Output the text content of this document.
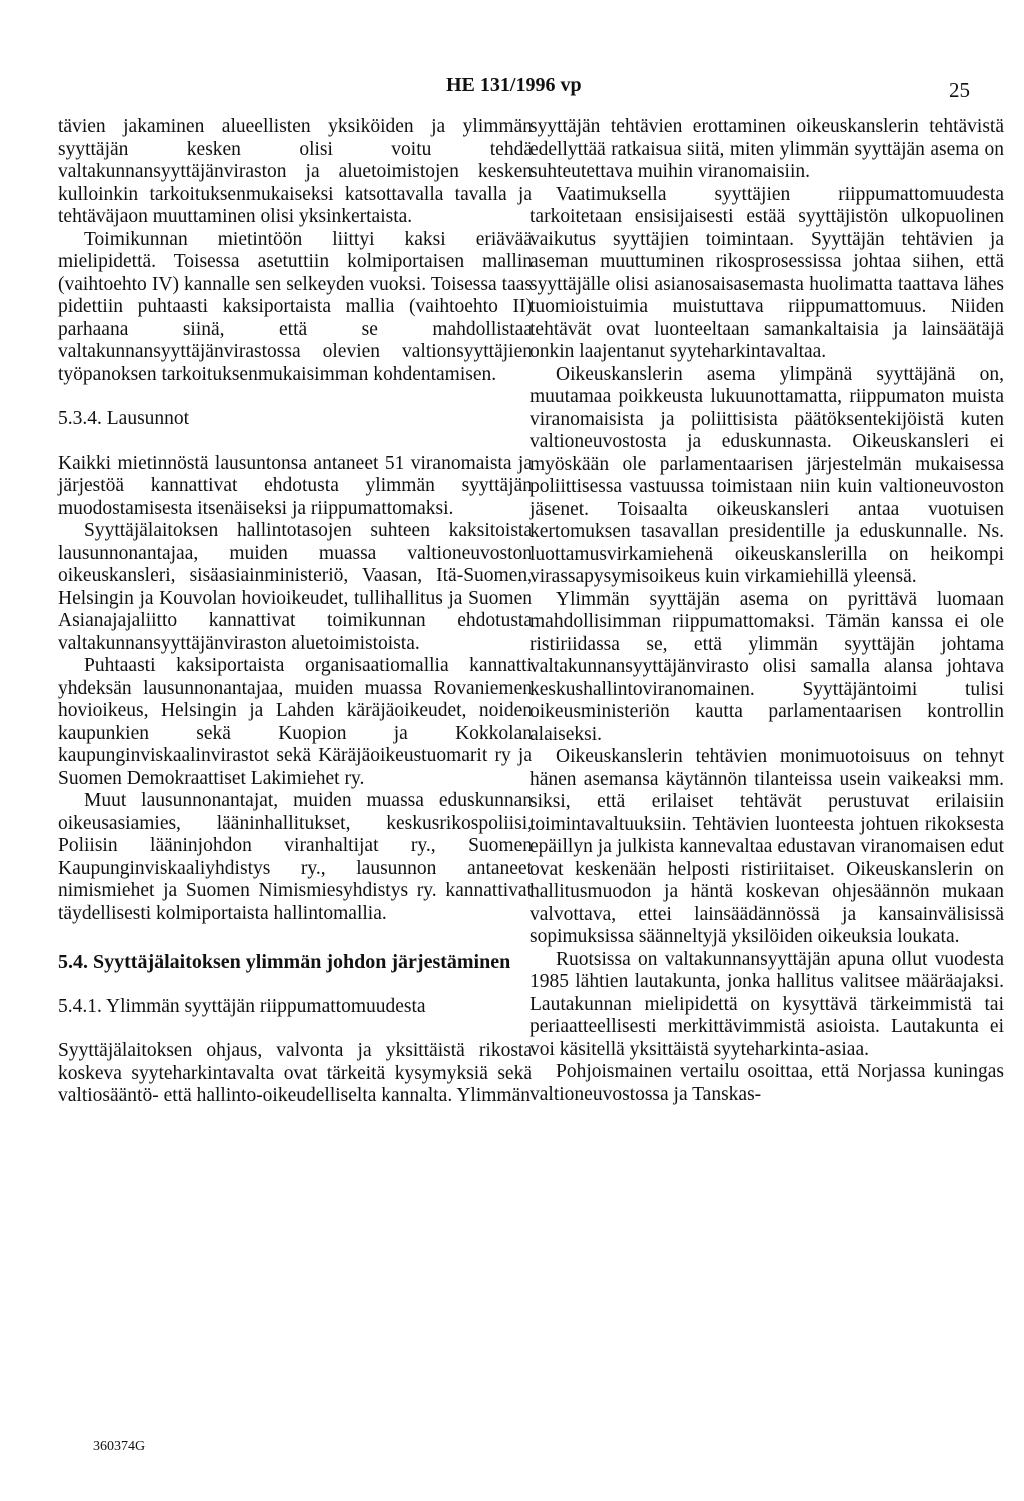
HE 131/1996 vp	25

tävien jakaminen alueellisten yksiköiden ja ylimmän syyttäjän kesken olisi voitu tehdä valtakunnansyyttäjänviraston ja aluetoimistojen kesken kulloinkin tarkoituksenmukaiseksi katsottavalla tavalla ja tehtäväjaon muuttaminen olisi yksinkertaista.

Toimikunnan mietintöön liittyi kaksi eriävää mielipidettä. Toisessa asetuttiin kolmiportaisen mallin (vaihtoehto IV) kannalle sen selkeyden vuoksi. Toisessa taas pidettiin puhtaasti kaksiportaista mallia (vaihtoehto II) parhaana siinä, että se mahdollistaa valtakunnansyyttäjänvirastossa olevien valtionsyyttäjien työpanoksen tarkoituksenmukaisimman kohdentamisen.

5.3.4. Lausunnot

Kaikki mietinnöstä lausuntonsa antaneet 51 viranomaista ja järjestöä kannattivat ehdotusta ylimmän syyttäjän muodostamisesta itsenäiseksi ja riippumattomaksi.

Syyttäjälaitoksen hallintotasojen suhteen kaksitoista lausunnonantajaa, muiden muassa valtioneuvoston oikeuskansleri, sisäasiainministeriö, Vaasan, Itä-Suomen, Helsingin ja Kouvolan hovioikeudet, tullihallitus ja Suomen Asianajajaliitto kannattivat toimikunnan ehdotusta valtakunnansyyttäjänviraston aluetoimistoista.

Puhtaasti kaksiportaista organisaatiomallia kannatti yhdeksän lausunnonantajaa, muiden muassa Rovaniemen hovioikeus, Helsingin ja Lahden käräjäoikeudet, noiden kaupunkien sekä Kuopion ja Kokkolan kaupunginviskaalinvirastot sekä Käräjäoikeustuomarit ry ja Suomen Demokraattiset Lakimiehet ry.

Muut lausunnonantajat, muiden muassa eduskunnan oikeusasiamies, lääninhallitukset, keskusrikospoliisi, Poliisin lääninjohdon viranhaltijat ry., Suomen Kaupunginviskaaliyhdistys ry., lausunnon antaneet nimismiehet ja Suomen Nimismiesyhdistys ry. kannattivat täydellisesti kolmiportaista hallintomallia.

5.4. Syyttäjälaitoksen ylimmän johdon järjestäminen

5.4.1. Ylimmän syyttäjän riippumattomuudesta

Syyttäjälaitoksen ohjaus, valvonta ja yksittäistä rikosta koskeva syyteharkintavalta ovat tärkeitä kysymyksiä sekä valtiosääntö- että hallinto-oikeudelliselta kannalta. Ylimmän

syyttäjän tehtävien erottaminen oikeuskanslerin tehtävistä edellyttää ratkaisua siitä, miten ylimmän syyttäjän asema on suhteutettava muihin viranomaisiin.

Vaatimuksella syyttäjien riippumattomuudesta tarkoitetaan ensisijaisesti estää syyttäjistön ulkopuolinen vaikutus syyttäjien toimintaan. Syyttäjän tehtävien ja aseman muuttuminen rikosprosessissa johtaa siihen, että syyttäjälle olisi asianosaisasemasta huolimatta taattava lähes tuomioistuimia muistuttava riippumattomuus. Niiden tehtävät ovat luonteeltaan samankaltaisia ja lainsäätäjä onkin laajentanut syyteharkintavaltaa.

Oikeuskanslerin asema ylimpänä syyttäjänä on, muutamaa poikkeusta lukuunottamatta, riippumaton muista viranomaisista ja poliittisista päätöksentekijöistä kuten valtioneuvostosta ja eduskunnasta. Oikeuskansleri ei myöskään ole parlamentaarisen järjestelmän mukaisessa poliittisessa vastuussa toimistaan niin kuin valtioneuvoston jäsenet. Toisaalta oikeuskansleri antaa vuotuisen kertomuksen tasavallan presidentille ja eduskunnalle. Ns. luottamusvirkamiehenä oikeuskanslerilla on heikompi virassapysymisoikeus kuin virkamiehillä yleensä.

Ylimmän syyttäjän asema on pyrittävä luomaan mahdollisimman riippumattomaksi. Tämän kanssa ei ole ristiriidassa se, että ylimmän syyttäjän johtama valtakunnansyyttäjänvirasto olisi samalla alansa johtava keskushallintoviranomainen. Syyttäjäntoimi tulisi oikeusministeriön kautta parlamentaarisen kontrollin alaiseksi.

Oikeuskanslerin tehtävien monimuotoisuus on tehnyt hänen asemansa käytännön tilanteissa usein vaikeaksi mm. siksi, että erilaiset tehtävät perustuvat erilaisiin toimintavaltuuksiin. Tehtävien luonteesta johtuen rikoksesta epäillyn ja julkista kannevaltaa edustavan viranomaisen edut ovat keskenään helposti ristiriitaiset. Oikeuskanslerin on hallitusmuodon ja häntä koskevan ohjesäännön mukaan valvottava, ettei lainsäädännössä ja kansainvälisissä sopimuksissa säänneltyjä yksilöiden oikeuksia loukata.

Ruotsissa on valtakunnansyyttäjän apuna ollut vuodesta 1985 lähtien lautakunta, jonka hallitus valitsee määräajaksi. Lautakunnan mielipidettä on kysyttävä tärkeimmistä tai periaatteellisesti merkittävimmistä asioista. Lautakunta ei voi käsitellä yksittäistä syyteharkinta-asiaa.

Pohjoismainen vertailu osoittaa, että Norjassa kuningas valtioneuvostossa ja Tanskas-

360374G
